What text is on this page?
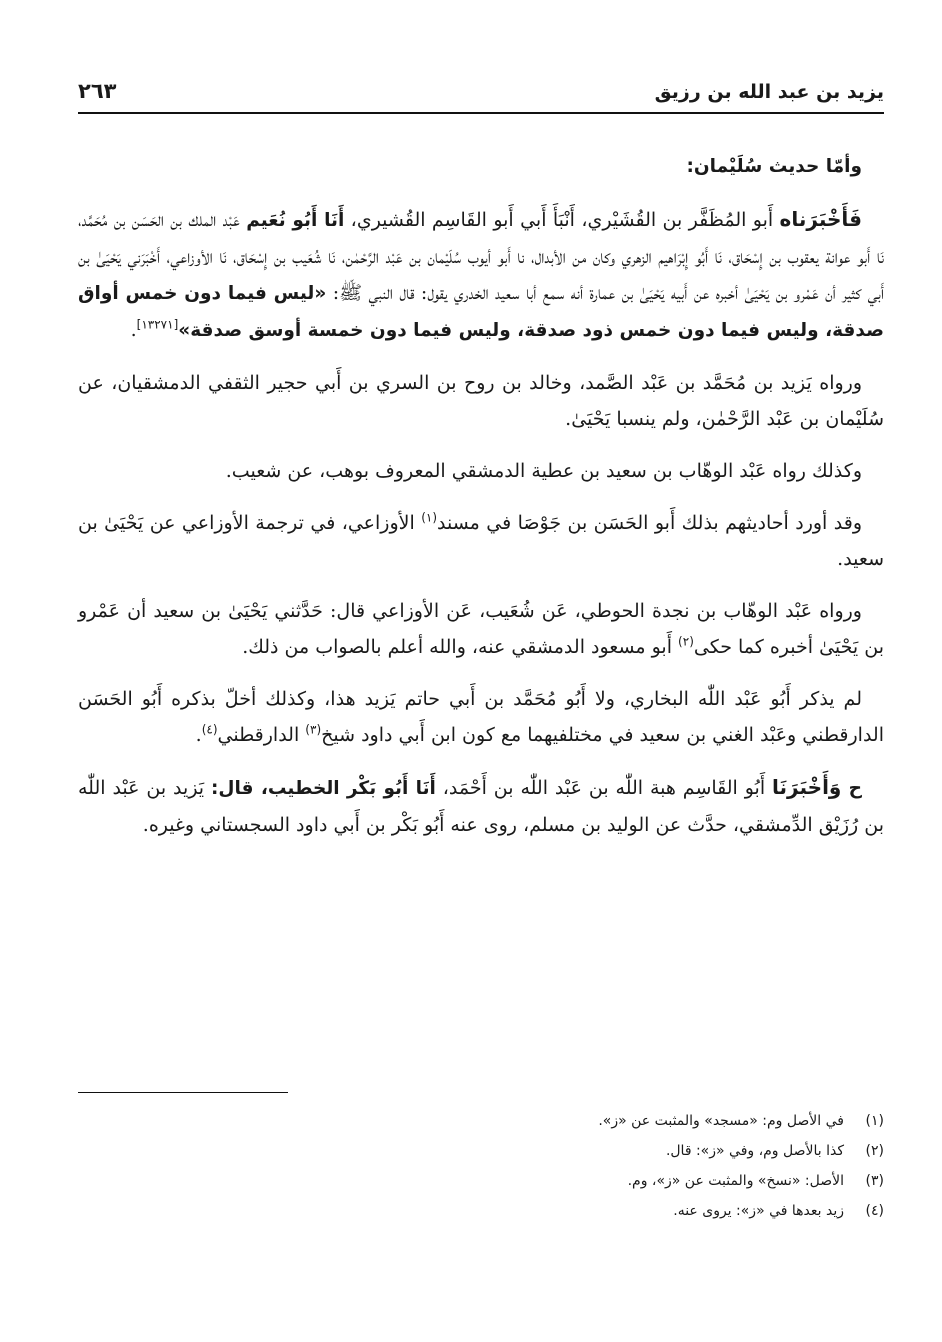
يزيد بن عبد الله بن رزيق
٢٦٣

وأمّا حديث سُلَيْمان:

فَأَخْبَرَناه أَبو المُظَفَّر بن القُشَيْري، أَنْبَأَ أَبي أَبو القَاسِم القُشيري، أَنَا أَبُو نُعَيم عَبْد الملك بن الحَسَن بن مُحَمَّد، نَا أَبو عوانة يعقوب بن إِسْحَاق، نَا أَبُو إِبْرَاهيم الزهري وكان من الأبدال، نا أَبو أيوب سُلَيْمان بن عَبْد الرَّحْمٰن، نَا شُعَيب بن إِسْحَاق، نَا الأوزاعي، أَخْبَرَني يَحْيَىٰ بن أَبي كثير أن عَمْرو بن يَحْيَىٰ أخبره عن أَبيه يَحْيَىٰ بن عمارة أنه سمع أبا سعيد الخدري يقول: قال النبي ﷺ: «ليس فيما دون خمس أواق صدقة، وليس فيما دون خمس ذود صدقة، وليس فيما دون خمسة أوسق صدقة»[١٣٢٧١].

ورواه يَزيد بن مُحَمَّد بن عَبْد الصَّمد، وخالد بن روح بن السري بن أَبي حجير الثقفي الدمشقيان، عن سُلَيْمان بن عَبْد الرَّحْمٰن، ولم ينسبا يَحْيَىٰ.

وكذلك رواه عَبْد الوهّاب بن سعيد بن عطية الدمشقي المعروف بوهب، عن شعيب.

وقد أورد أحاديثهم بذلك أَبو الحَسَن بن جَوْصَا في مسند$^{(١)}$ الأوزاعي، في ترجمة الأوزاعي عن يَحْيَىٰ بن سعيد.

ورواه عَبْد الوهّاب بن نجدة الحوطي، عَن شُعَيب، عَن الأوزاعي قال: حَدَّثني يَحْيَىٰ بن سعيد أن عَمْرو بن يَحْيَىٰ أخبره كما حكى$^{(٢)}$ أَبو مسعود الدمشقي عنه، والله أعلم بالصواب من ذلك.

لم يذكر أَبُو عَبْد اللّٰه البخاري، ولا أَبُو مُحَمَّد بن أَبي حاتم يَزيد هذا، وكذلك أخلّ بذكره أَبُو الحَسَن الدارقطني وعَبْد الغني بن سعيد في مختلفيهما مع كون ابن أَبي داود شيخ$^{(٣)}$ الدارقطني$^{(٤)}$.

ح وَأَخْبَرَنَا أَبُو القَاسِم هبة اللّٰه بن عَبْد اللّٰه بن أَحْمَد، أَنَا أَبُو بَكْر الخطيب، قال: يَزيد بن عَبْد اللّٰه بن رُزَيْق الدِّمشقي، حدَّث عن الوليد بن مسلم، روى عنه أَبُو بَكْر بن أَبي داود السجستاني وغيره.

(١)
في الأصل وم: «مسجد» والمثبت عن «ز».
(٢)
كذا بالأصل وم، وفي «ز»: قال.
(٣)
الأصل: «نسخ» والمثبت عن «ز»، وم.
(٤)
زيد بعدها في «ز»: يروى عنه.
